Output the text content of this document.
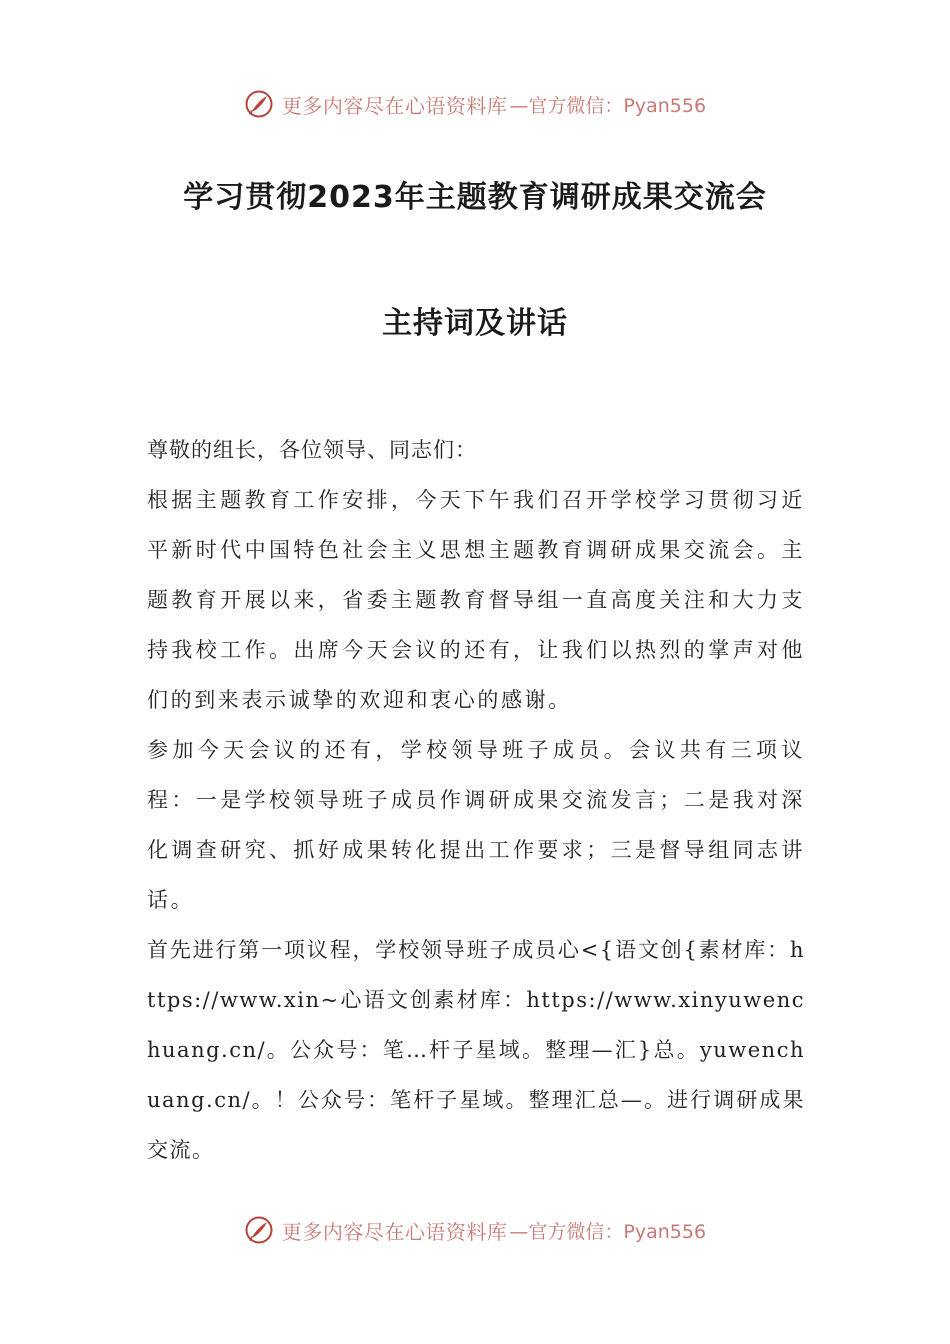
更多内容尽在心语资料库 —官方微信：Pyan556
学习贯彻2023年主题教育调研成果交流会
主持词及讲话

尊敬的组长，各位领导、同志们：

根据主题教育工作安排，今天下午我们召开学校学习贯彻习近平新时代中国特色社会主义思想主题教育调研成果交流会。主题教育开展以来，省委主题教育督导组一直高度关注和大力支持我校工作。出席今天会议的还有，让我们以热烈的掌声对他们的到来表示诚挚的欢迎和衷心的感谢。

参加今天会议的还有，学校领导班子成员。会议共有三项议程：一是学校领导班子成员作调研成果交流发言；二是我对深化调查研究、抓好成果转化提出工作要求；三是督导组同志讲话。

首先进行第一项议程，学校领导班子成员心<{语文创{素材库：https://www.xin~心语文创素材库：https://www.xinyuwenchuang.cn/。公众号：笔…杆子星域。整理—汇}总。yuwenchuang.cn/。！公众号：笔杆子星域。整理汇总—。进行调研成果交流。

更多内容尽在心语资料库 —官方微信：Pyan556
